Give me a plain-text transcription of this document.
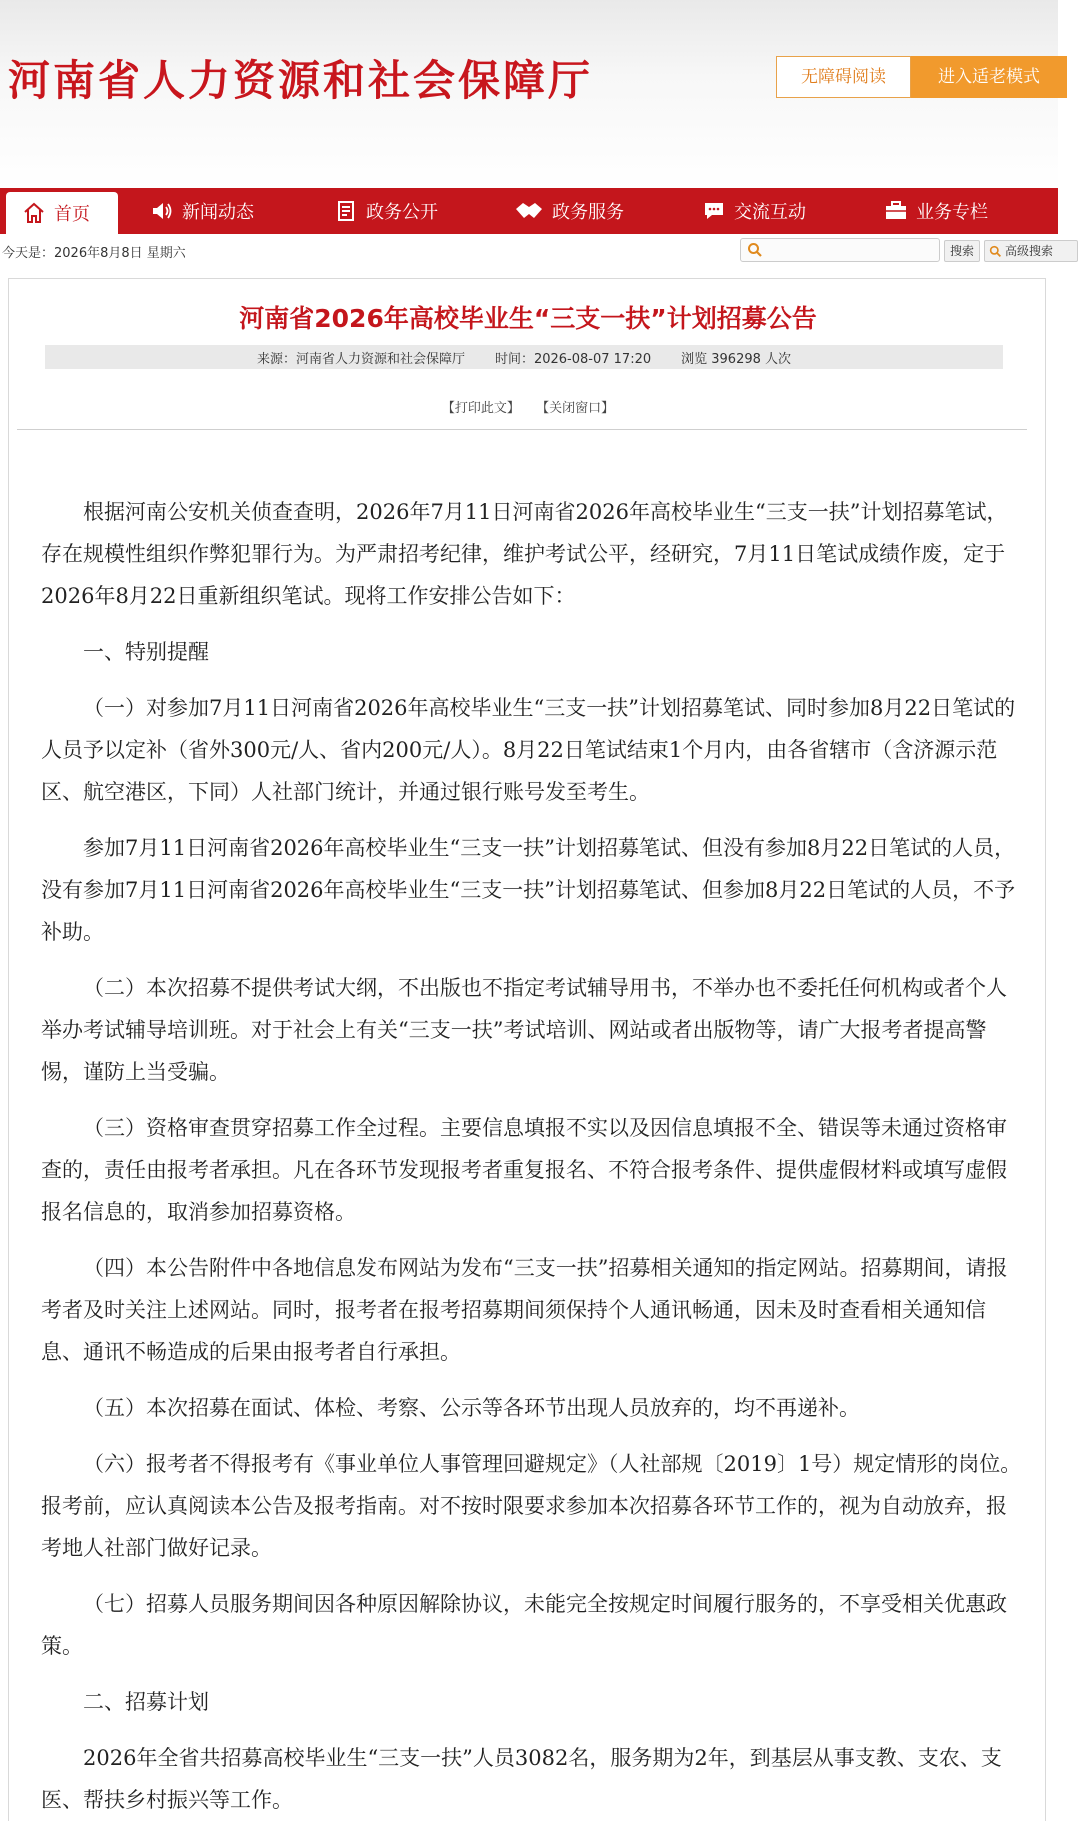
河南省人力资源和社会保障厅	无障碍阅读	进入适老模式
首页	新闻动态	政务公开	政务服务	交流互动	业务专栏
今天是：2026年8月8日 星期六	搜索	高级搜索
河南省2026年高校毕业生“三支一扶”计划招募公告
来源：河南省人力资源和社会保障厅 时间：2026-08-07 17:20 浏览 396298 人次
【打印此文】 【关闭窗口】

根据河南公安机关侦查查明，2026年7月11日河南省2026年高校毕业生“三支一扶”计划招募笔试，存在规模性组织作弊犯罪行为。为严肃招考纪律，维护考试公平，经研究，7月11日笔试成绩作废，定于2026年8月22日重新组织笔试。现将工作安排公告如下：

一、特别提醒

（一）对参加7月11日河南省2026年高校毕业生“三支一扶”计划招募笔试、同时参加8月22日笔试的人员予以定补（省外300元/人、省内200元/人）。8月22日笔试结束1个月内，由各省辖市（含济源示范区、航空港区，下同）人社部门统计，并通过银行账号发至考生。

参加7月11日河南省2026年高校毕业生“三支一扶”计划招募笔试、但没有参加8月22日笔试的人员，没有参加7月11日河南省2026年高校毕业生“三支一扶”计划招募笔试、但参加8月22日笔试的人员，不予补助。

（二）本次招募不提供考试大纲，不出版也不指定考试辅导用书，不举办也不委托任何机构或者个人举办考试辅导培训班。对于社会上有关“三支一扶”考试培训、网站或者出版物等，请广大报考者提高警惕，谨防上当受骗。

（三）资格审查贯穿招募工作全过程。主要信息填报不实以及因信息填报不全、错误等未通过资格审查的，责任由报考者承担。凡在各环节发现报考者重复报名、不符合报考条件、提供虚假材料或填写虚假报名信息的，取消参加招募资格。

（四）本公告附件中各地信息发布网站为发布“三支一扶”招募相关通知的指定网站。招募期间，请报考者及时关注上述网站。同时，报考者在报考招募期间须保持个人通讯畅通，因未及时查看相关通知信息、通讯不畅造成的后果由报考者自行承担。

（五）本次招募在面试、体检、考察、公示等各环节出现人员放弃的，均不再递补。

（六）报考者不得报考有《事业单位人事管理回避规定》（人社部规〔2019〕1号）规定情形的岗位。报考前，应认真阅读本公告及报考指南。对不按时限要求参加本次招募各环节工作的，视为自动放弃，报考地人社部门做好记录。

（七）招募人员服务期间因各种原因解除协议，未能完全按规定时间履行服务的，不享受相关优惠政策。

二、招募计划

2026年全省共招募高校毕业生“三支一扶”人员3082名，服务期为2年，到基层从事支教、支农、支医、帮扶乡村振兴等工作。
